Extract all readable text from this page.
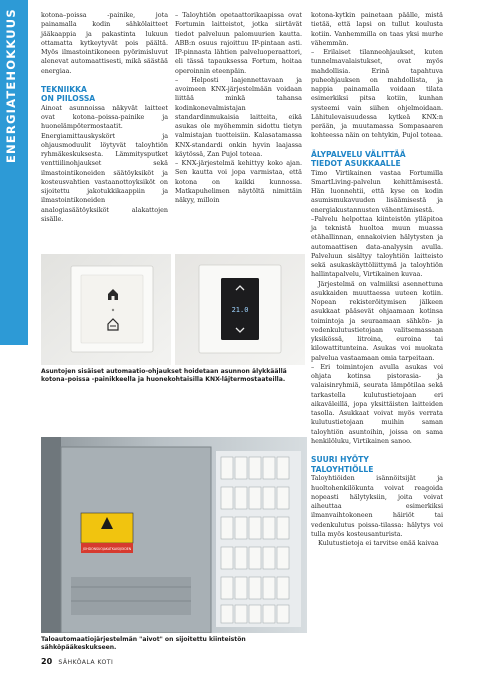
ENERGIATEHOKKUUS	kotona–poissa -painike, jota painamalla kodin sähkölaitteet jääkaappia ja pakastinta lukuun ottamatta kytkeytyvät pois päältä. Myös ilmastointikoneen pyörimisluvut alenevat automaattisesti, mikä säästää energiaa.

TEKNIIKKA
ON PIILOSSA

Ainoat asunnoissa näkyvät laitteet ovat kotona–poissa-painike ja huonelämpötermostaatit. Energiamittauskyskört ja ohjausmoduulit löytyvät taloyhtiön ryhmäkeskuksesta. Lämmitysputket venttiilinohjaukset sekä ilmastointikoneiden säätöyksiköt ja kosteusvahtien vastaanottoyksiköt on sijoitettu jakotukkikaappiin ja ilmastointikoneiden analogiasäätöyksiköt alakattojen sisälle.

– Taloyhtiön opetaattorikaapissa ovat Fortumin laitteistot, jotka siirtävät tiedot palveluun palomuurien kautta. ABB:n osuus rajoittuu IP-pintaan asti. IP-pinnasta lähtien palveluoperaattori, eli tässä tapauksessa Fortum, hoitaa operoinnin eteenpäin.

– Helposti laajennettavaan ja avoimeen KNX-järjestelmään voidaan liittää minkä tahansa kodinkonevalmistajan standardinmukaisia laitteita, eikä asukas ole myöhemmin sidottu tietyn valmistajan tuotteisiin. Kalasatamassa KNX-standardi onkin hyvin laajassa käytössä, Zan Pujol toteaa.

– KNX-järjestelmä kehittyy koko ajan. Sen kautta voi jopa varmistaa, että kotona on kaikki kunnossa. Matkapuhelimen näytöltä nimittäin näkyy, milloin

kotona-kytkin painetaan päälle, mistä tietää, että lapsi on tullut koulusta kotiin. Vanhemmilla on taas yksi murhe vähemmän.

– Erilaiset tilanneohjaukset, kuten tunnelmavalaistukset, ovat myös mahdollisia. Erinä tapahtuva puheohjauksen on mahdollista, ja nappia painamalla voidaan tilata esimerkiksi pitsa kotiin, kunhan systeemi vain siihen ohjelmoidaan. Lähitulevaisuudessa kytkeä KNX:n perään, ja muutamassa Sompasaaren kohteessa näin on tehtykin, Pujol toteaa.

ÄLYPALVELU VÄLITTÄÄ
TIEDOT ASUKKAALLE

Timo Virtikainen vastaa Fortumilla SmartLiving-palvelun kehittämisestä. Hän luonnehtii, että kyse on kodin asumismukavuuden lisäämisestä ja energiakustannusten vähentämisestä.

–Palvelu helpottaa kiinteistön ylläpitoa ja teknistä huoltoa muun muassa etähallinnan, ennakoivien hälytysten ja automaattisen data-analyysin avulla. Palveluun sisältyy taloyhtiön laitteisto sekä asukaskäyttöliittymä ja taloyhtiön hallintapalvelu, Virtikainen kuvaa.

Järjestelmä on valmiiksi asennettuna asukkaiden muuttaessa uuteen kotiin. Nopean rekisteröitymisen jälkeen asukkaat pääsevät ohjaamaan kotinsa toimintoja ja seuraamaan sähkön- ja vedenkulutustietojaan valitsemassaan yksikössä, litroina, euroina tai kilowattitunteina. Asukas voi muokata palvelua vastaamaan omia tarpeitaan.

– Eri toimintojen avulla asukas voi ohjata kotinsa pistorasia- ja valaisinryhmiä, seurata lämpötilaa sekä tarkastella kulutustietojaan eri aikaväleillä, jopa yksittäisten laitteiden tasolla. Asukkaat voivat myös verrata kulutustietojaan muihin saman taloyhtiön asuntoihin, joissa on sama henkilöluku, Virtikainen sanoo.

SUURI HYÖTY
TALOYHTIÖLLE

Taloyhtiöiden isännöitsijät ja huoltohenkilökunta voivat reagoida nopeasti hälytyksiin, joita voivat aiheuttaa esimerkiksi ilmanvaihtokoneen häiriöt tai vedenkulutus poissa-tilassa: hälytys voi tulla myös kosteusanturista.

Kulutustietoja ei tarvitse enää kaivaa

21.0
Asuntojen sisäiset automaatio-ohjaukset hoidetaan asunnon älykkäällä kotona–poissa -painikkeella ja huonekohtaisilla KNX-läjtermostaateilla.
JOHDONSUOJAKATKAISIJOIDEN
Taloautomaatiojärjestelmän "aivot" on sijoitettu kiinteistön sähköpääkeskukseen.
20 SÄHKÖALA KOTI
